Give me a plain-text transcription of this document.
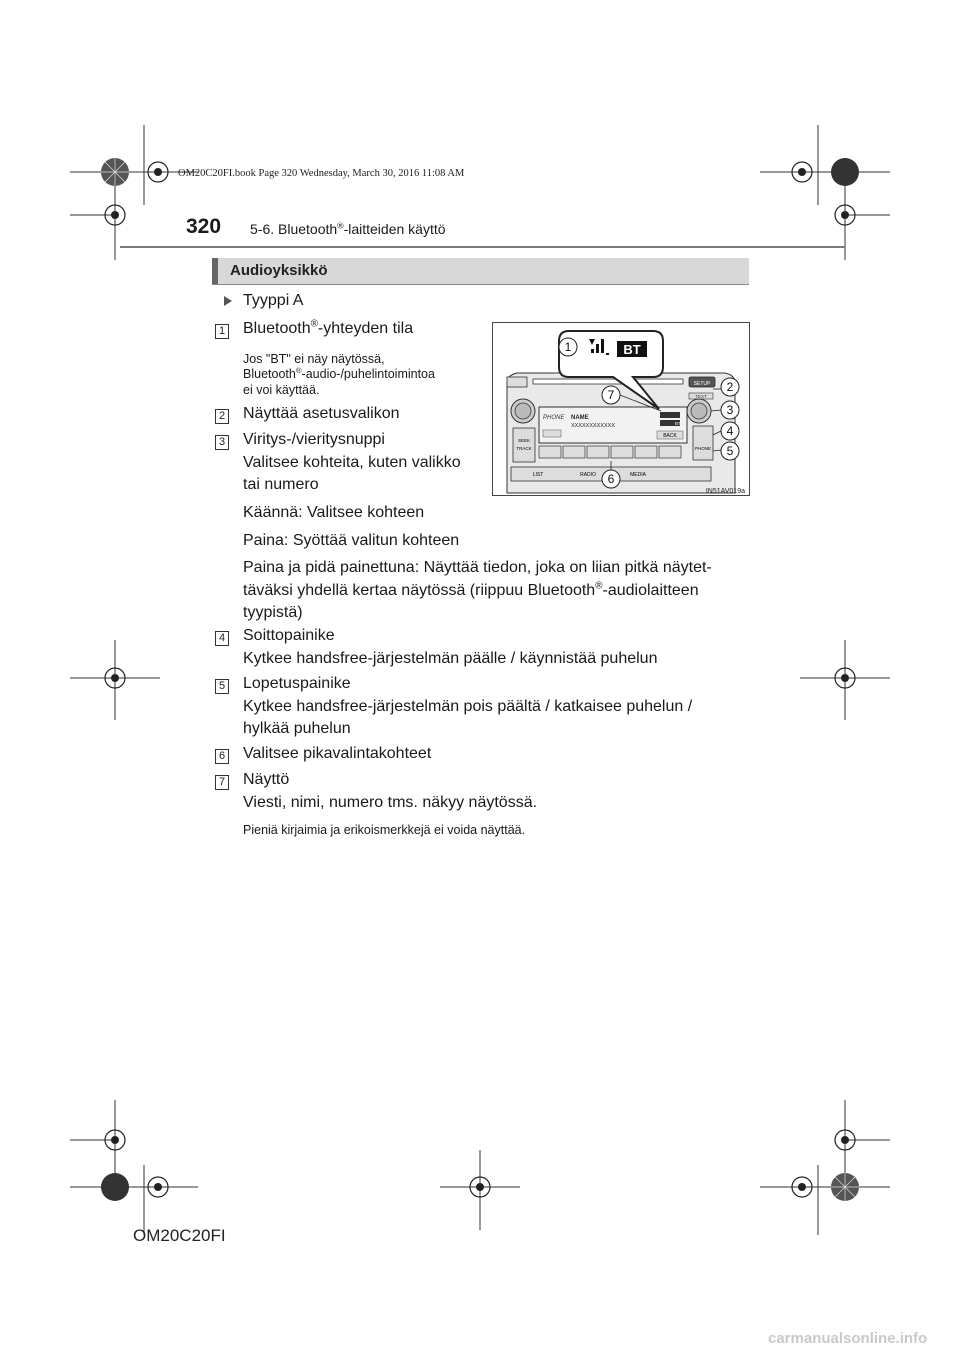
OM20C20FI.book Page 320 Wednesday, March 30, 2016 11:08 AM
320 5-6. Bluetooth®-laitteiden käyttö
Audioyksikkö
Tyyppi A
1 Bluetooth®-yhteyden tila
Jos "BT" ei näy näytössä,
Bluetooth®-audio-/puhelintoimintoa
ei voi käyttää.
2 Näyttää asetusvalikon
3 Viritys-/vieritysnuppi
Valitsee kohteita, kuten valikko
tai numero
Käännä: Valitsee kohteen
Paina: Syöttää valitun kohteen
Paina ja pidä painettuna: Näyttää tiedon, joka on liian pitkä näytet-
täväksi yhdellä kertaa näytössä (riippuu Bluetooth®-audiolaitteen
tyypistä)
4 Soittopainike
Kytkee handsfree-järjestelmän päälle / käynnistää puhelun
5 Lopetuspainike
Kytkee handsfree-järjestelmän pois päältä / katkaisee puhelun /
hylkää puhelun
6 Valitsee pikavalintakohteet
7 Näyttö
Viesti, nimi, numero tms. näkyy näytössä.
Pieniä kirjaimia ja erikoismerkkejä ei voida näyttää.
SETUP
TEXT
SEEK
TRACK
PHONE NAME
XXXXXXXXXXXX	BT
BACK
PHONE
LIST	RADIO	MEDIA
BT
1
2
3
4
5
6
7
IN51AV019a
OM20C20FI
carmanualsonline.info
